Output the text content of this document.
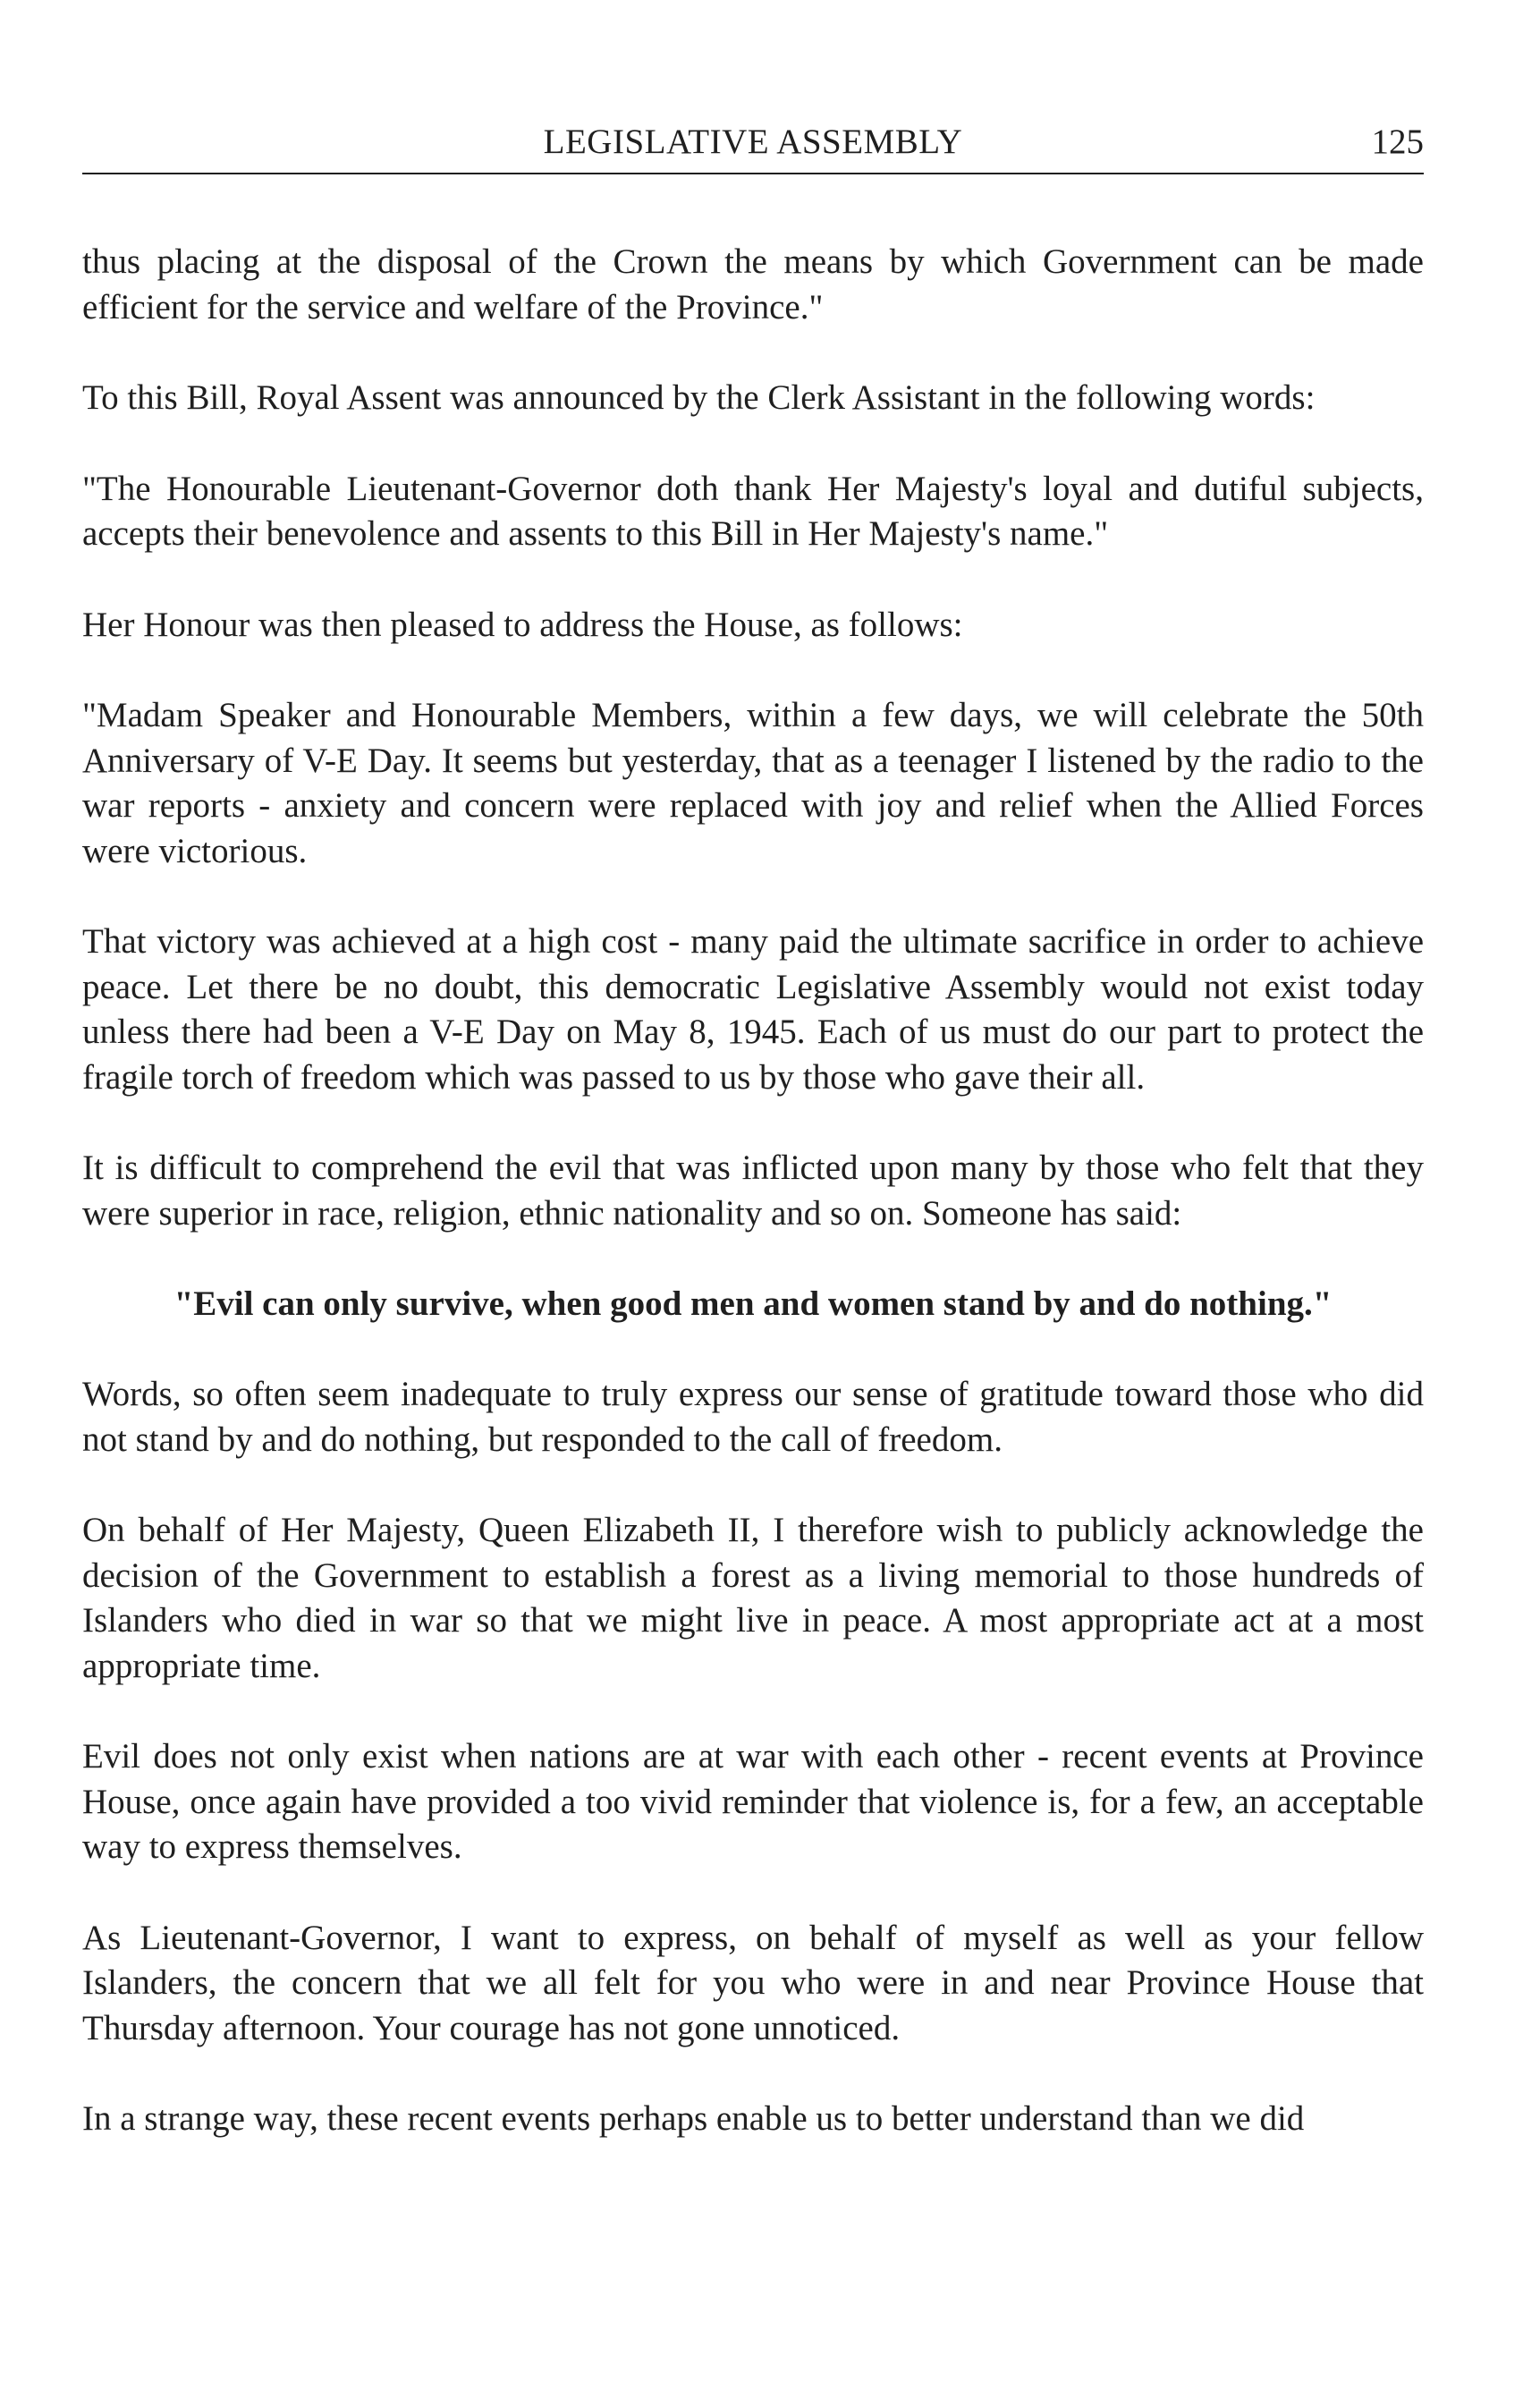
LEGISLATIVE ASSEMBLY	125

thus placing at the disposal of the Crown the means by which Government can be made efficient for the service and welfare of the Province."

To this Bill, Royal Assent was announced by the Clerk Assistant in the following words:

"The Honourable Lieutenant-Governor doth thank Her Majesty's loyal and dutiful subjects, accepts their benevolence and assents to this Bill in Her Majesty's name."

Her Honour was then pleased to address the House, as follows:

"Madam Speaker and Honourable Members, within a few days, we will celebrate the 50th Anniversary of V-E Day. It seems but yesterday, that as a teenager I listened by the radio to the war reports - anxiety and concern were replaced with joy and relief when the Allied Forces were victorious.

That victory was achieved at a high cost - many paid the ultimate sacrifice in order to achieve peace. Let there be no doubt, this democratic Legislative Assembly would not exist today unless there had been a V-E Day on May 8, 1945. Each of us must do our part to protect the fragile torch of freedom which was passed to us by those who gave their all.

It is difficult to comprehend the evil that was inflicted upon many by those who felt that they were superior in race, religion, ethnic nationality and so on. Someone has said:

"Evil can only survive, when good men and women stand by and do nothing."

Words, so often seem inadequate to truly express our sense of gratitude toward those who did not stand by and do nothing, but responded to the call of freedom.

On behalf of Her Majesty, Queen Elizabeth II, I therefore wish to publicly acknowledge the decision of the Government to establish a forest as a living memorial to those hundreds of Islanders who died in war so that we might live in peace. A most appropriate act at a most appropriate time.

Evil does not only exist when nations are at war with each other - recent events at Province House, once again have provided a too vivid reminder that violence is, for a few, an acceptable way to express themselves.

As Lieutenant-Governor, I want to express, on behalf of myself as well as your fellow Islanders, the concern that we all felt for you who were in and near Province House that Thursday afternoon. Your courage has not gone unnoticed.

In a strange way, these recent events perhaps enable us to better understand than we did
